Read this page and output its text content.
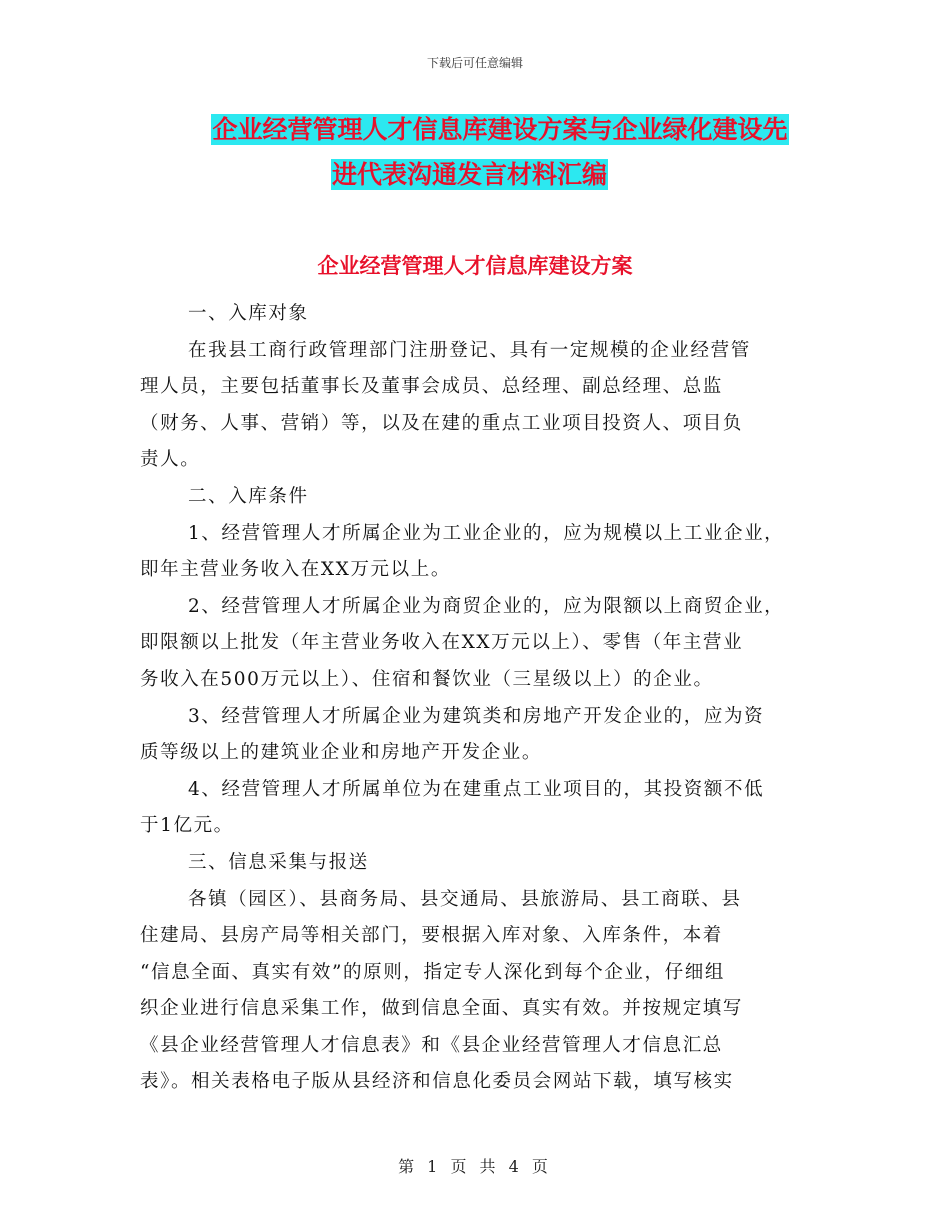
下载后可任意编辑
企业经营管理人才信息库建设方案与企业绿化建设先
进代表沟通发言材料汇编
企业经营管理人才信息库建设方案

一、入库对象

在我县工商行政管理部门注册登记、具有一定规模的企业经营管

理人员，主要包括董事长及董事会成员、总经理、副总经理、总监

（财务、人事、营销）等，以及在建的重点工业项目投资人、项目负

责人。

二、入库条件

1、经营管理人才所属企业为工业企业的，应为规模以上工业企业，

即年主营业务收入在XX万元以上。

2、经营管理人才所属企业为商贸企业的，应为限额以上商贸企业，

即限额以上批发（年主营业务收入在XX万元以上）、零售（年主营业

务收入在500万元以上）、住宿和餐饮业（三星级以上）的企业。

3、经营管理人才所属企业为建筑类和房地产开发企业的，应为资

质等级以上的建筑业企业和房地产开发企业。

4、经营管理人才所属单位为在建重点工业项目的，其投资额不低

于1亿元。

三、信息采集与报送

各镇（园区）、县商务局、县交通局、县旅游局、县工商联、县

住建局、县房产局等相关部门，要根据入库对象、入库条件，本着

“信息全面、真实有效”的原则，指定专人深化到每个企业，仔细组

织企业进行信息采集工作，做到信息全面、真实有效。并按规定填写

《县企业经营管理人才信息表》和《县企业经营管理人才信息汇总

表》。相关表格电子版从县经济和信息化委员会网站下载，填写核实

第 1 页 共 4 页
